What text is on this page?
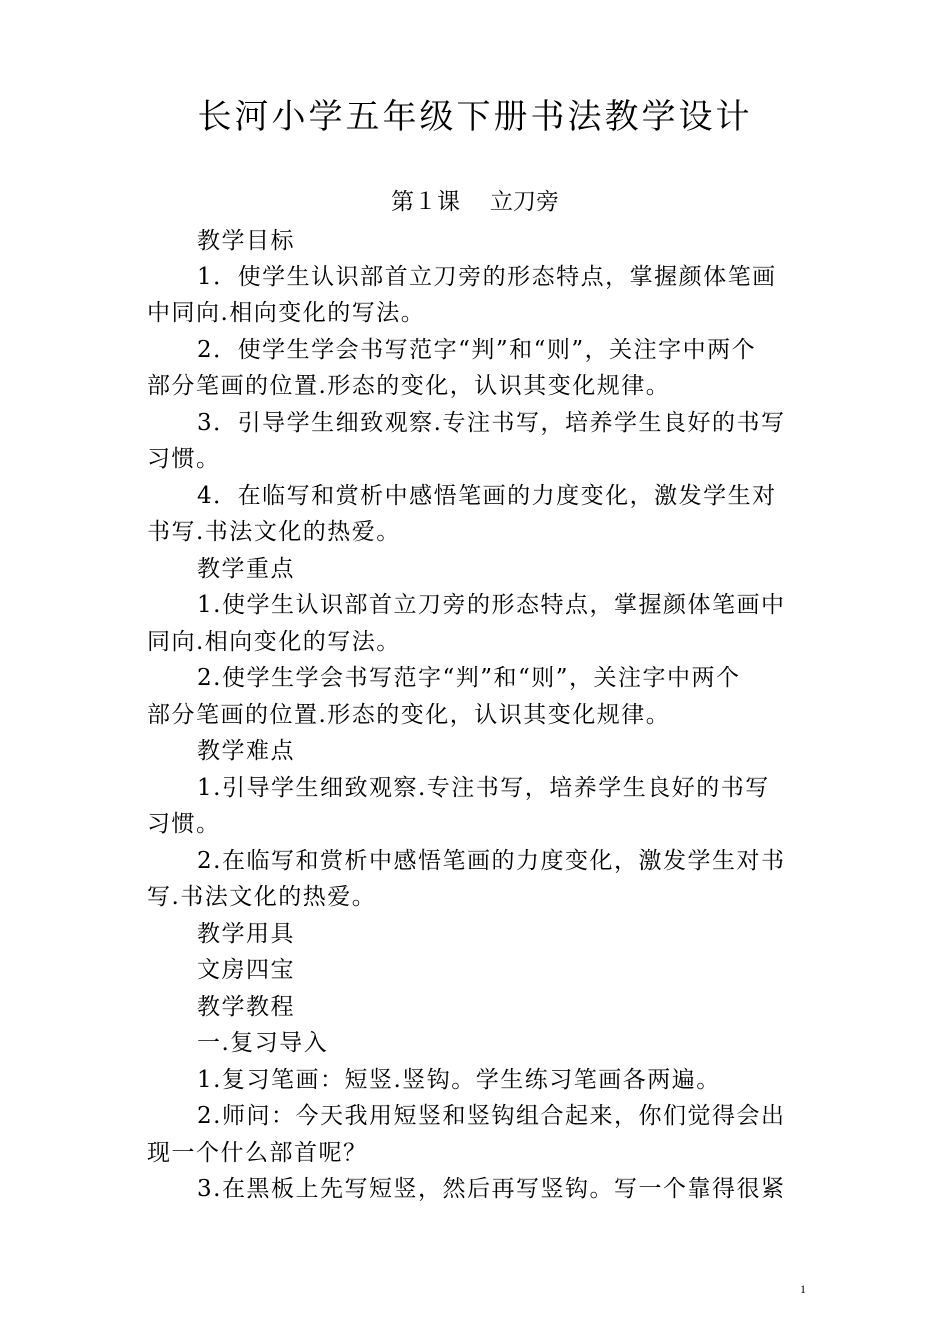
长河小学五年级下册书法教学设计
第１课 立刀旁
教学目标
1．使学生认识部首立刀旁的形态特点，掌握颜体笔画
中同向.相向变化的写法。
2．使学生学会书写范字“判”和“则”，关注字中两个
部分笔画的位置.形态的变化，认识其变化规律。
3．引导学生细致观察.专注书写，培养学生良好的书写
习惯。
4．在临写和赏析中感悟笔画的力度变化，激发学生对
书写.书法文化的热爱。
教学重点
1.使学生认识部首立刀旁的形态特点，掌握颜体笔画中
同向.相向变化的写法。
2.使学生学会书写范字“判”和“则”，关注字中两个
部分笔画的位置.形态的变化，认识其变化规律。
教学难点
1.引导学生细致观察.专注书写，培养学生良好的书写
习惯。
2.在临写和赏析中感悟笔画的力度变化，激发学生对书
写.书法文化的热爱。
教学用具
文房四宝
教学教程
一.复习导入
1.复习笔画：短竖.竖钩。学生练习笔画各两遍。
2.师问：今天我用短竖和竖钩组合起来，你们觉得会出
现一个什么部首呢？
3.在黑板上先写短竖，然后再写竖钩。写一个靠得很紧
1
